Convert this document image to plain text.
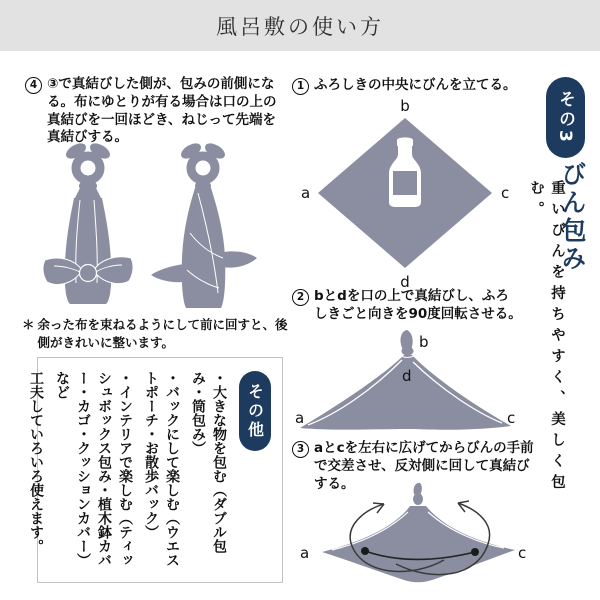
風呂敷の使い方
4 ③で真結びした側が、包みの前側になる。布にゆとりが有る場合は口の上の真結びを一回ほどき、ねじって先端を真結びする。

＊ 余った布を束ねるようにして前に回すと、後側がきれいに整います。

その他

・大きな物を包む（ダブル包み・筒包み）

・バックにして楽しむ（ウエストポーチ・お散歩バック）

・インテリアで楽しむ（ティッシュボックス包み・植木鉢カバー・カゴ・クッションカバー）など

工夫していろいろ使えます。

1 ふろしきの中央にびんを立てる。

b
a	c
d
2 bとdを口の上で真結びし、ふろしきごと向きを90度回転させる。

b
d
a	c
3 aとcを左右に広げてからびんの手前で交差させ、反対側に回して真結びする。

a	c
その3
びん包み
重いびんを持ちやすく、美しく包む。
